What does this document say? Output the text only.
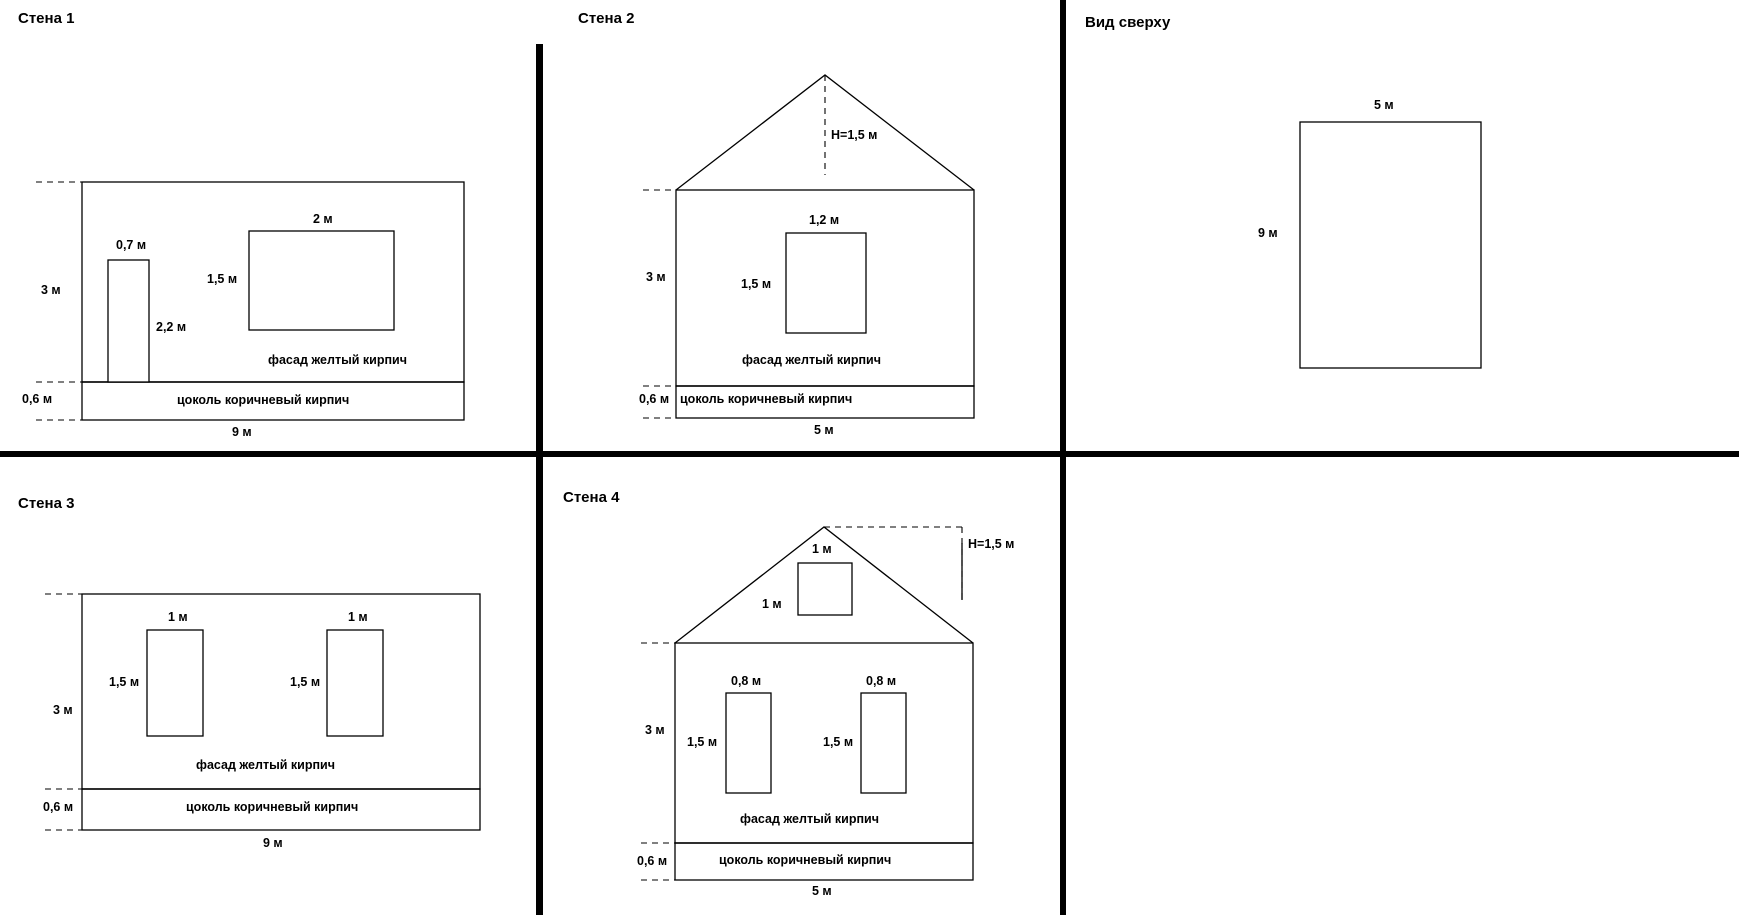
Стена 1	Стена 2	Вид сверху
Стена 3	Стена 4
3 м
0,6 м
9 м
0,7 м
2,2 м
2 м
1,5 м
фасад желтый кирпич
цоколь коричневый кирпич
H=1,5 м
3 м
0,6 м
5 м
1,2 м
1,5 м
фасад желтый кирпич
цоколь коричневый кирпич
5 м
9 м
3 м
0,6 м
9 м
1 м
1,5 м
1 м
1,5 м
фасад желтый кирпич
цоколь коричневый кирпич
H=1,5 м
1 м
1 м
3 м
0,6 м
5 м
0,8 м
1,5 м
0,8 м
1,5 м
фасад желтый кирпич
цоколь коричневый кирпич
